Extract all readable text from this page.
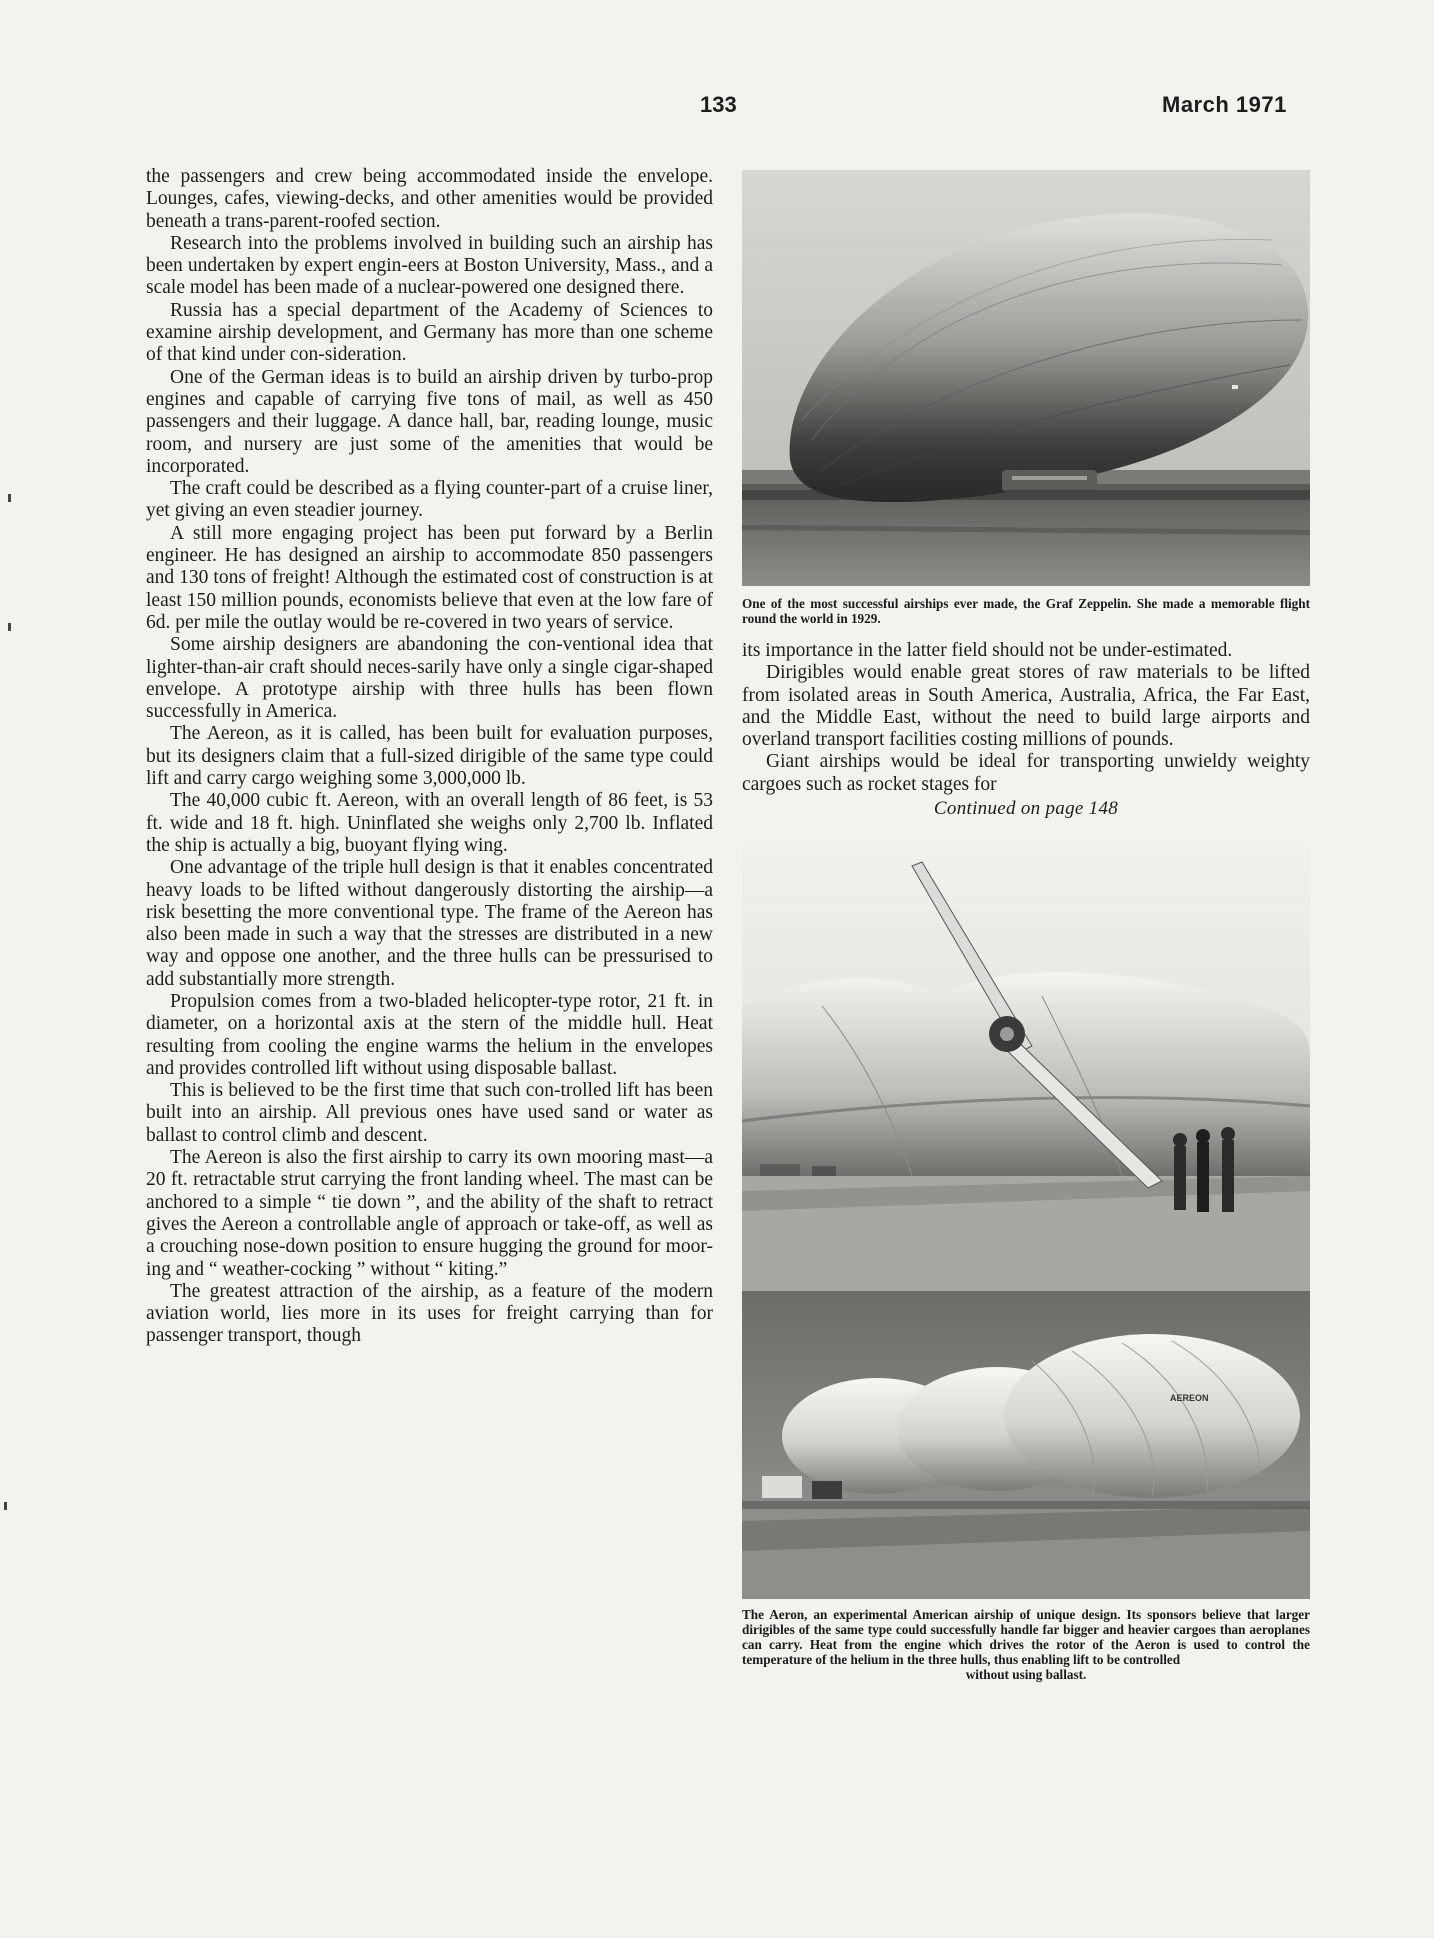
133	March 1971

the passengers and crew being accommodated inside the envelope. Lounges, cafes, viewing-decks, and other amenities would be provided beneath a trans-parent-roofed section.

Research into the problems involved in building such an airship has been undertaken by expert engin-eers at Boston University, Mass., and a scale model has been made of a nuclear-powered one designed there.

Russia has a special department of the Academy of Sciences to examine airship development, and Germany has more than one scheme of that kind under con-sideration.

One of the German ideas is to build an airship driven by turbo-prop engines and capable of carrying five tons of mail, as well as 450 passengers and their luggage. A dance hall, bar, reading lounge, music room, and nursery are just some of the amenities that would be incorporated.

The craft could be described as a flying counter-part of a cruise liner, yet giving an even steadier journey.

A still more engaging project has been put forward by a Berlin engineer. He has designed an airship to accommodate 850 passengers and 130 tons of freight! Although the estimated cost of construction is at least 150 million pounds, economists believe that even at the low fare of 6d. per mile the outlay would be re-covered in two years of service.

Some airship designers are abandoning the con-ventional idea that lighter-than-air craft should neces-sarily have only a single cigar-shaped envelope. A prototype airship with three hulls has been flown successfully in America.

The Aereon, as it is called, has been built for evaluation purposes, but its designers claim that a full-sized dirigible of the same type could lift and carry cargo weighing some 3,000,000 lb.

The 40,000 cubic ft. Aereon, with an overall length of 86 feet, is 53 ft. wide and 18 ft. high. Uninflated she weighs only 2,700 lb. Inflated the ship is actually a big, buoyant flying wing.

One advantage of the triple hull design is that it enables concentrated heavy loads to be lifted without dangerously distorting the airship—a risk besetting the more conventional type. The frame of the Aereon has also been made in such a way that the stresses are distributed in a new way and oppose one another, and the three hulls can be pressurised to add substantially more strength.

Propulsion comes from a two-bladed helicopter-type rotor, 21 ft. in diameter, on a horizontal axis at the stern of the middle hull. Heat resulting from cooling the engine warms the helium in the envelopes and provides controlled lift without using disposable ballast.

This is believed to be the first time that such con-trolled lift has been built into an airship. All previous ones have used sand or water as ballast to control climb and descent.

The Aereon is also the first airship to carry its own mooring mast—a 20 ft. retractable strut carrying the front landing wheel. The mast can be anchored to a simple “ tie down ”, and the ability of the shaft to retract gives the Aereon a controllable angle of approach or take-off, as well as a crouching nose-down position to ensure hugging the ground for moor-ing and “ weather-cocking ” without “ kiting.”

The greatest attraction of the airship, as a feature of the modern aviation world, lies more in its uses for freight carrying than for passenger transport, though

One of the most successful airships ever made, the Graf Zeppelin. She made a memorable flight round the world in 1929.

its importance in the latter field should not be under-estimated.

Dirigibles would enable great stores of raw materials to be lifted from isolated areas in South America, Australia, Africa, the Far East, and the Middle East, without the need to build large airports and overland transport facilities costing millions of pounds.

Giant airships would be ideal for transporting unwieldy weighty cargoes such as rocket stages for

Continued on page 148
AEREON
The Aeron, an experimental American airship of unique design. Its sponsors believe that larger dirigibles of the same type could successfully handle far bigger and heavier cargoes than aeroplanes can carry. Heat from the engine which drives the rotor of the Aeron is used to control the temperature of the helium in the three hulls, thus enabling lift to be controlled
without using ballast.
